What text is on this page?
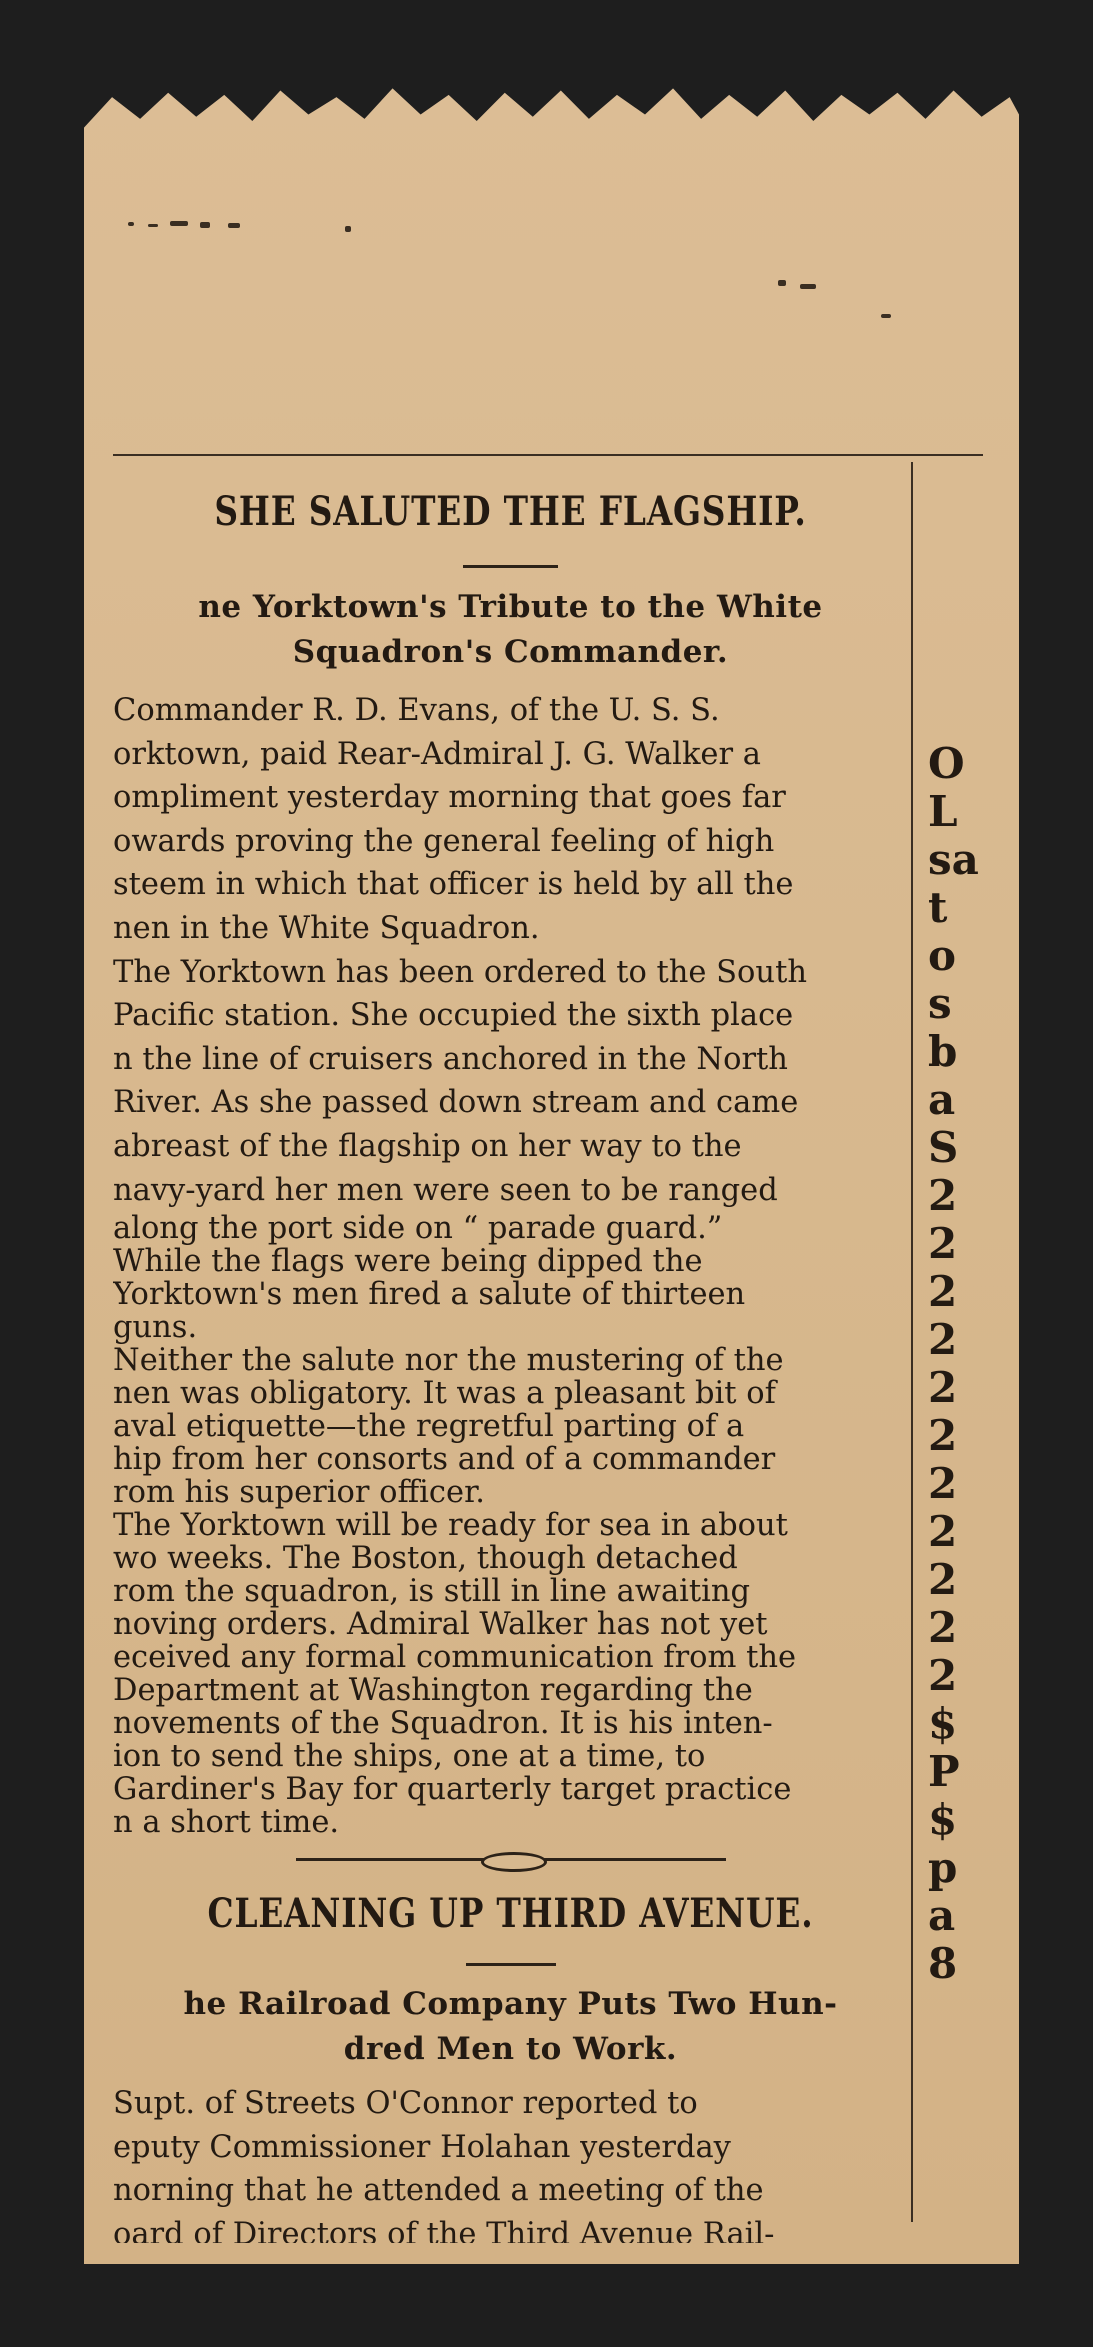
SHE SALUTED THE FLAGSHIP.
ne Yorktown's Tribute to the White
Squadron's Commander.
Commander R. D. Evans, of the U. S. S.
orktown, paid Rear-Admiral J. G. Walker a
ompliment yesterday morning that goes far
owards proving the general feeling of high
steem in which that officer is held by all the
nen in the White Squadron.
The Yorktown has been ordered to the South
Pacific station. She occupied the sixth place
n the line of cruisers anchored in the North
River. As she passed down stream and came
abreast of the flagship on her way to the
navy-yard her men were seen to be ranged
along the port side on “ parade guard.”
While the flags were being dipped the
Yorktown's men fired a salute of thirteen
guns.
Neither the salute nor the mustering of the
nen was obligatory. It was a pleasant bit of
aval etiquette—the regretful parting of a
hip from her consorts and of a commander
rom his superior officer.
The Yorktown will be ready for sea in about
wo weeks. The Boston, though detached
rom the squadron, is still in line awaiting
noving orders. Admiral Walker has not yet
eceived any formal communication from the
Department at Washington regarding the
novements of the Squadron. It is his inten-
ion to send the ships, one at a time, to
Gardiner's Bay for quarterly target practice
n a short time.
CLEANING UP THIRD AVENUE.
he Railroad Company Puts Two Hun-
dred Men to Work.
Supt. of Streets O'Connor reported to
eputy Commissioner Holahan yesterday
norning that he attended a meeting of the
oard of Directors of the Third Avenue Rail-
O
L
sa
t
o
s
b
a
S
2
2
2
2
2
2
2
2
2
2
2
$
P
$
p
a
8
